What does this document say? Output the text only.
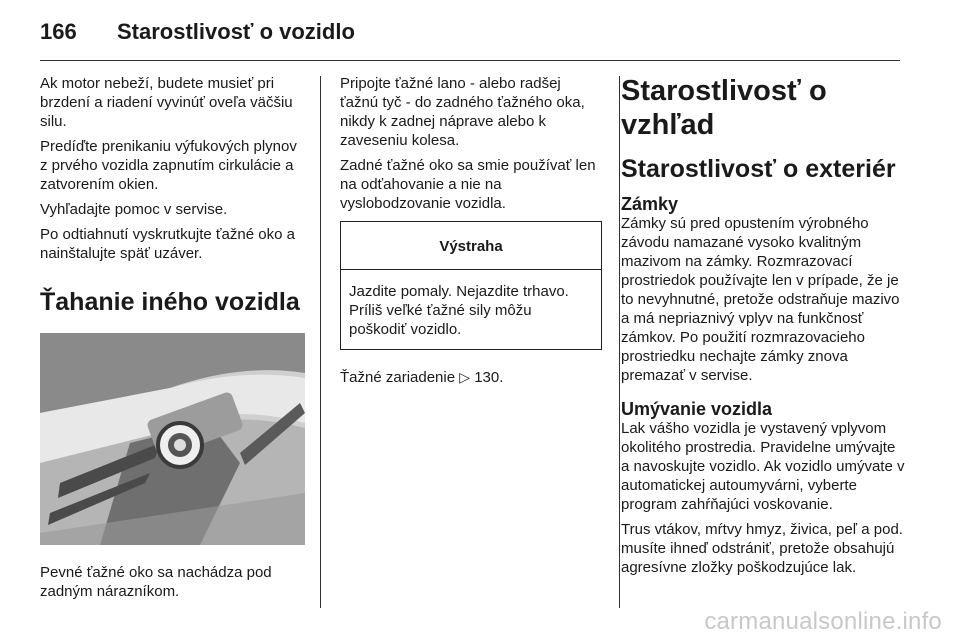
166 Starostlivosť o vozidlo

Ak motor nebeží, budete musieť pri brzdení a riadení vyvinúť oveľa väčšiu silu.

Predíďte prenikaniu výfukových plynov z prvého vozidla zapnutím cirkulácie a zatvorením okien.

Vyhľadajte pomoc v servise.

Po odtiahnutí vyskrutkujte ťažné oko a nainštalujte späť uzáver.

Ťahanie iného vozidla

Pevné ťažné oko sa nachádza pod zadným nárazníkom.

Pripojte ťažné lano - alebo radšej ťažnú tyč - do zadného ťažného oka, nikdy k zadnej náprave alebo k zaveseniu kolesa.

Zadné ťažné oko sa smie používať len na odťahovanie a nie na vyslobodzovanie vozidla.

Výstraha
Jazdite pomaly. Nejazdite trhavo. Príliš veľké ťažné sily môžu poškodiť vozidlo.

Ťažné zariadenie ▷ 130.

Starostlivosť o vzhľad
Starostlivosť o exteriér
Zámky

Zámky sú pred opustením výrobného závodu namazané vysoko kvalitným mazivom na zámky. Rozmrazovací prostriedok používajte len v prípade, že je to nevyhnutné, pretože odstraňuje mazivo a má nepriaznivý vplyv na funkčnosť zámkov. Po použití rozmrazovacieho prostriedku nechajte zámky znova premazať v servise.

Umývanie vozidla

Lak vášho vozidla je vystavený vplyvom okolitého prostredia. Pravidelne umývajte a navoskujte vozidlo. Ak vozidlo umývate v automatickej autoumyvárni, vyberte program zahŕňajúci voskovanie.

Trus vtákov, mŕtvy hmyz, živica, peľ a pod. musíte ihneď odstrániť, pretože obsahujú agresívne zložky poškodzujúce lak.

carmanualsonline.info
